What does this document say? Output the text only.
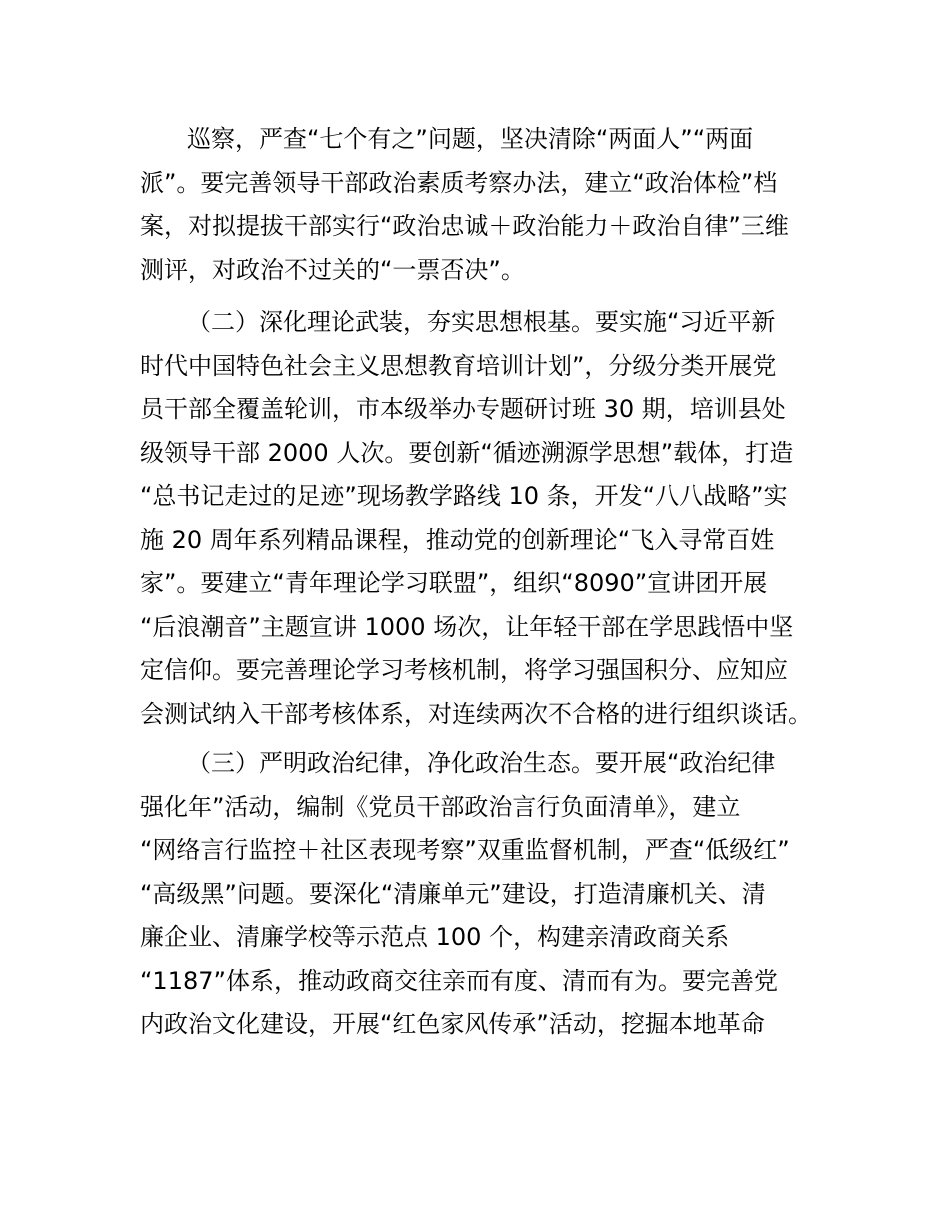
巡察，严查“七个有之”问题，坚决清除“两面人”“两面
派”。要完善领导干部政治素质考察办法，建立“政治体检”档
案，对拟提拔干部实行“政治忠诚＋政治能力＋政治自律”三维
测评，对政治不过关的“一票否决”。
（二）深化理论武装，夯实思想根基。要实施“习近平新
时代中国特色社会主义思想教育培训计划”，分级分类开展党
员干部全覆盖轮训，市本级举办专题研讨班 30 期，培训县处
级领导干部 2000 人次。要创新“循迹溯源学思想”载体，打造
“总书记走过的足迹”现场教学路线 10 条，开发“八八战略”实
施 20 周年系列精品课程，推动党的创新理论“飞入寻常百姓
家”。要建立“青年理论学习联盟”，组织“8090”宣讲团开展
“后浪潮音”主题宣讲 1000 场次，让年轻干部在学思践悟中坚
定信仰。要完善理论学习考核机制，将学习强国积分、应知应
会测试纳入干部考核体系，对连续两次不合格的进行组织谈话。
（三）严明政治纪律，净化政治生态。要开展“政治纪律
强化年”活动，编制《党员干部政治言行负面清单》，建立
“网络言行监控＋社区表现考察”双重监督机制，严查“低级红”
“高级黑”问题。要深化“清廉单元”建设，打造清廉机关、清
廉企业、清廉学校等示范点 100 个，构建亲清政商关系
“1187”体系，推动政商交往亲而有度、清而有为。要完善党
内政治文化建设，开展“红色家风传承”活动，挖掘本地革命
